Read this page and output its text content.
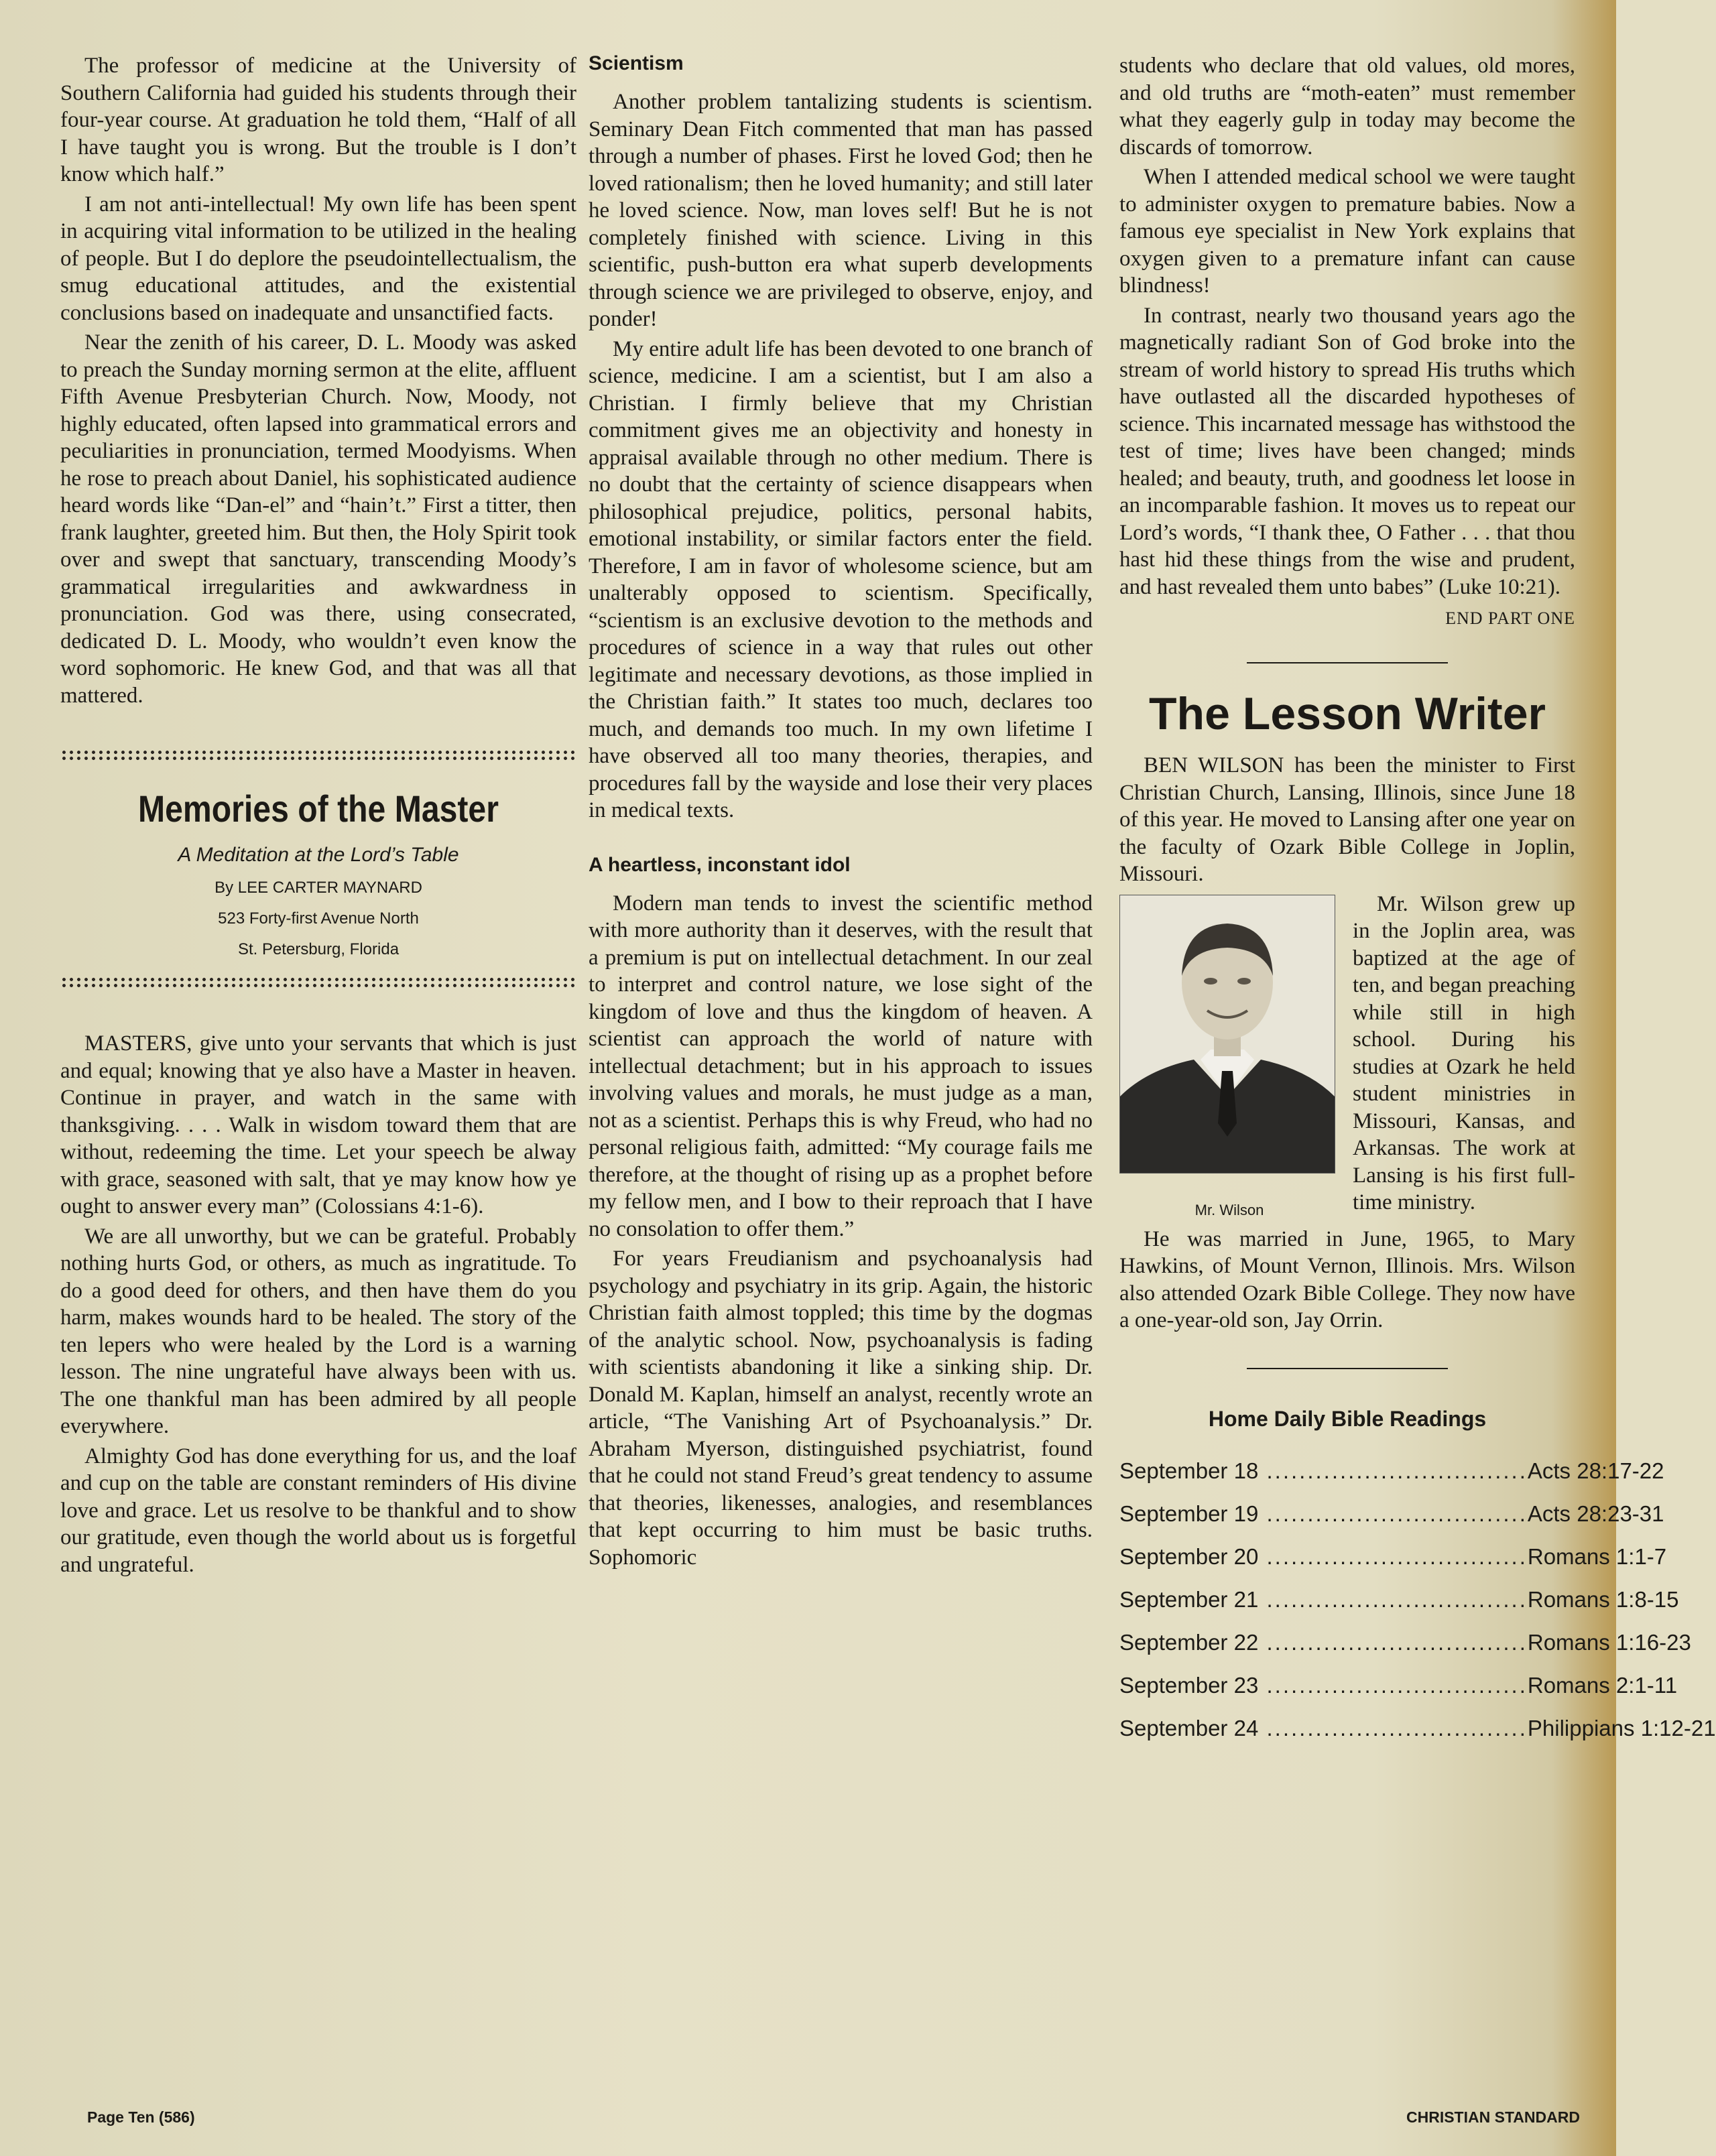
The professor of medicine at the University of Southern California had guided his students through their four-year course. At graduation he told them, “Half of all I have taught you is wrong. But the trouble is I don’t know which half.”

I am not anti-intellectual! My own life has been spent in acquiring vital information to be utilized in the healing of people. But I do deplore the pseudointellectualism, the smug educational attitudes, and the existential conclusions based on inadequate and unsanctified facts.

Near the zenith of his career, D. L. Moody was asked to preach the Sunday morning sermon at the elite, affluent Fifth Avenue Presbyterian Church. Now, Moody, not highly educated, often lapsed into grammatical errors and peculiarities in pronunciation, termed Moodyisms. When he rose to preach about Daniel, his sophisticated audience heard words like “Dan-el” and “hain’t.” First a titter, then frank laughter, greeted him. But then, the Holy Spirit took over and swept that sanctuary, transcending Moody’s grammatical irregularities and awkwardness in pronunciation. God was there, using consecrated, dedicated D. L. Moody, who wouldn’t even know the word sophomoric. He knew God, and that was all that mattered.

Memories of the Master
A Meditation at the Lord’s Table
By LEE CARTER MAYNARD
523 Forty-first Avenue North
St. Petersburg, Florida

MASTERS, give unto your servants that which is just and equal; knowing that ye also have a Master in heaven. Continue in prayer, and watch in the same with thanksgiving. . . . Walk in wisdom toward them that are without, redeeming the time. Let your speech be alway with grace, seasoned with salt, that ye may know how ye ought to answer every man” (Colossians 4:1-6).

We are all unworthy, but we can be grateful. Probably nothing hurts God, or others, as much as ingratitude. To do a good deed for others, and then have them do you harm, makes wounds hard to be healed. The story of the ten lepers who were healed by the Lord is a warning lesson. The nine ungrateful have always been with us. The one thankful man has been admired by all people everywhere.

Almighty God has done everything for us, and the loaf and cup on the table are constant reminders of His divine love and grace. Let us resolve to be thankful and to show our gratitude, even though the world about us is forgetful and ungrateful.

Scientism

Another problem tantalizing students is scientism. Seminary Dean Fitch commented that man has passed through a number of phases. First he loved God; then he loved rationalism; then he loved humanity; and still later he loved science. Now, man loves self! But he is not completely finished with science. Living in this scientific, push-button era what superb developments through science we are privileged to observe, enjoy, and ponder!

My entire adult life has been devoted to one branch of science, medicine. I am a scientist, but I am also a Christian. I firmly believe that my Christian commitment gives me an objectivity and honesty in appraisal available through no other medium. There is no doubt that the certainty of science disappears when philosophical prejudice, politics, personal habits, emotional instability, or similar factors enter the field. Therefore, I am in favor of wholesome science, but am unalterably opposed to scientism. Specifically, “scientism is an exclusive devotion to the methods and procedures of science in a way that rules out other legitimate and necessary devotions, as those implied in the Christian faith.” It states too much, declares too much, and demands too much. In my own lifetime I have observed all too many theories, therapies, and procedures fall by the wayside and lose their very places in medical texts.

A heartless, inconstant idol

Modern man tends to invest the scientific method with more authority than it deserves, with the result that a premium is put on intellectual detachment. In our zeal to interpret and control nature, we lose sight of the kingdom of love and thus the kingdom of heaven. A scientist can approach the world of nature with intellectual detachment; but in his approach to issues involving values and morals, he must judge as a man, not as a scientist. Perhaps this is why Freud, who had no personal religious faith, admitted: “My courage fails me therefore, at the thought of rising up as a prophet before my fellow men, and I bow to their reproach that I have no consolation to offer them.”

For years Freudianism and psychoanalysis had psychology and psychiatry in its grip. Again, the historic Christian faith almost toppled; this time by the dogmas of the analytic school. Now, psychoanalysis is fading with scientists abandoning it like a sinking ship. Dr. Donald M. Kaplan, himself an analyst, recently wrote an article, “The Vanishing Art of Psychoanalysis.” Dr. Abraham Myerson, distinguished psychiatrist, found that he could not stand Freud’s great tendency to assume that theories, likenesses, analogies, and resemblances that kept occurring to him must be basic truths. Sophomoric

students who declare that old values, old mores, and old truths are “moth-eaten” must remember what they eagerly gulp in today may become the discards of tomorrow.

When I attended medical school we were taught to administer oxygen to premature babies. Now a famous eye specialist in New York explains that oxygen given to a premature infant can cause blindness!

In contrast, nearly two thousand years ago the magnetically radiant Son of God broke into the stream of world history to spread His truths which have outlasted all the discarded hypotheses of science. This incarnated message has withstood the test of time; lives have been changed; minds healed; and beauty, truth, and goodness let loose in an incomparable fashion. It moves us to repeat our Lord’s words, “I thank thee, O Father . . . that thou hast hid these things from the wise and prudent, and hast revealed them unto babes” (Luke 10:21).

END PART ONE
The Lesson Writer

BEN WILSON has been the minister to First Christian Church, Lansing, Illinois, since June 18 of this year. He moved to Lansing after one year on the faculty of Ozark Bible College in Joplin, Missouri.

Mr. Wilson

Mr. Wilson grew up in the Joplin area, was baptized at the age of ten, and began preaching while still in high school. During his studies at Ozark he held student ministries in Missouri, Kansas, and Arkansas. The work at Lansing is his first full-time ministry.

He was married in June, 1965, to Mary Hawkins, of Mount Vernon, Illinois. Mrs. Wilson also attended Ozark Bible College. They now have a one-year-old son, Jay Orrin.

Home Daily Bible Readings
September 18 ................................ Acts 28:17-22
September 19 ................................ Acts 28:23-31
September 20 ................................ Romans 1:1-7
September 21 ................................ Romans 1:8-15
September 22 ................................ Romans 1:16-23
September 23 ................................ Romans 2:1-11
September 24 ................................ Philippians 1:12-21
Page Ten (586)	CHRISTIAN STANDARD
